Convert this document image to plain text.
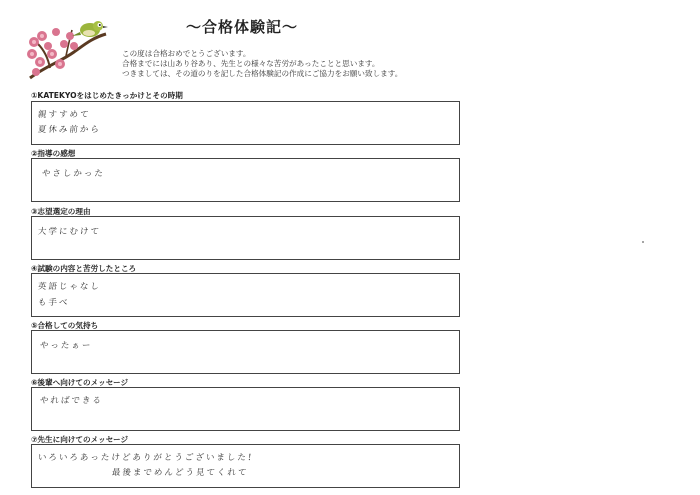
〜合格体験記〜
この度は合格おめでとうございます。
合格までには山あり谷あり、先生との様々な苦労があったことと思います。
つきましては、その道のりを記した合格体験記の作成にご協力をお願い致します。
①KATEKYOをはじめたきっかけとその時期
親すすめて
夏休み前から
②指導の感想
やさしかった
③志望選定の理由
大学にむけて
④試験の内容と苦労したところ
英語じゃなし
も手べ
⑤合格しての気持ち
やったぁー
⑥後輩へ向けてのメッセージ
やればできる
⑦先生に向けてのメッセージ
いろいろあったけどありがとうございました!
最後までめんどう見てくれて
